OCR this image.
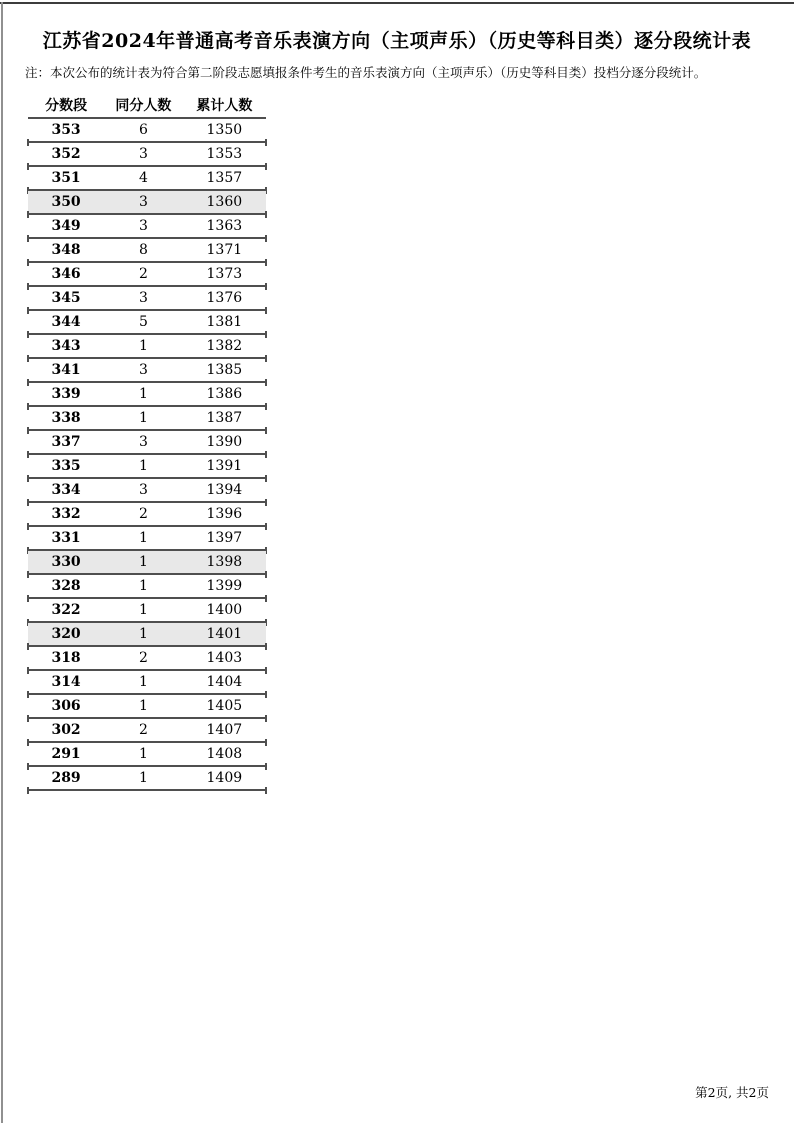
江苏省2024年普通高考音乐表演方向（主项声乐）（历史等科目类）逐分段统计表

注：本次公布的统计表为符合第二阶段志愿填报条件考生的音乐表演方向（主项声乐）（历史等科目类）投档分逐分段统计。

分数段	同分人数	累计人数
353	6	1350
352	3	1353
351	4	1357
350	3	1360
349	3	1363
348	8	1371
346	2	1373
345	3	1376
344	5	1381
343	1	1382
341	3	1385
339	1	1386
338	1	1387
337	3	1390
335	1	1391
334	3	1394
332	2	1396
331	1	1397
330	1	1398
328	1	1399
322	1	1400
320	1	1401
318	2	1403
314	1	1404
306	1	1405
302	2	1407
291	1	1408
289	1	1409
第2页, 共2页
